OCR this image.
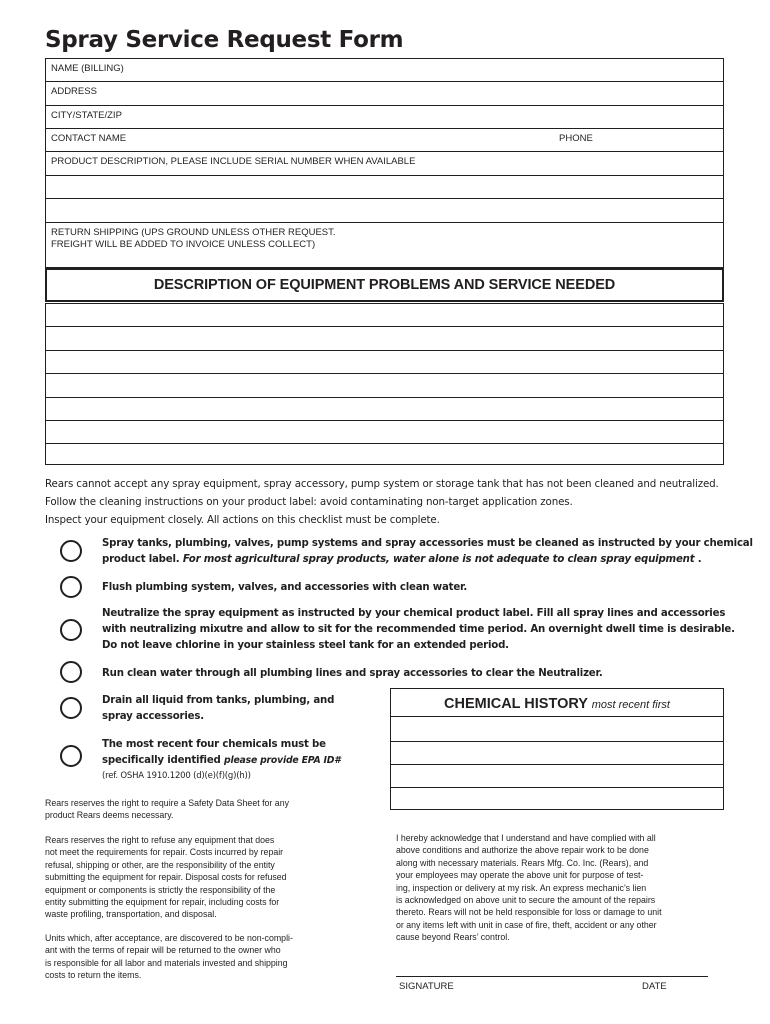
Spray Service Request Form
NAME (BILLING)
ADDRESS
CITY/STATE/ZIP
CONTACT NAME	PHONE
PRODUCT DESCRIPTION, PLEASE INCLUDE SERIAL NUMBER WHEN AVAILABLE
RETURN SHIPPING (UPS GROUND UNLESS OTHER REQUEST.
FREIGHT WILL BE ADDED TO INVOICE UNLESS COLLECT)
DESCRIPTION OF EQUIPMENT PROBLEMS AND SERVICE NEEDED
Rears cannot accept any spray equipment, spray accessory, pump system or storage tank that has not been cleaned and neutralized.
Follow the cleaning instructions on your product label: avoid contaminating non-target application zones.
Inspect your equipment closely. All actions on this checklist must be complete.
Spray tanks, plumbing, valves, pump systems and spray accessories must be cleaned as instructed by your chemical
product label. For most agricultural spray products, water alone is not adequate to clean spray equipment .
Flush plumbing system, valves, and accessories with clean water.
Neutralize the spray equipment as instructed by your chemical product label. Fill all spray lines and accessories
with neutralizing mixutre and allow to sit for the recommended time period. An overnight dwell time is desirable.
Do not leave chlorine in your stainless steel tank for an extended period.
Run clean water through all plumbing lines and spray accessories to clear the Neutralizer.
Drain all liquid from tanks, plumbing, and
spray accessories.
The most recent four chemicals must be
specifically identified please provide EPA ID#
(ref. OSHA 1910.1200 (d)(e)(f)(g)(h))
CHEMICAL HISTORY most recent first
Rears reserves the right to require a Safety Data Sheet for any
product Rears deems necessary.
Rears reserves the right to refuse any equipment that does
not meet the requirements for repair. Costs incurred by repair
refusal, shipping or other, are the responsibility of the entity
submitting the equipment for repair. Disposal costs for refused
equipment or components is strictly the responsibility of the
entity submitting the equipment for repair, including costs for
waste profiling, transportation, and disposal.
Units which, after acceptance, are discovered to be non-compli-
ant with the terms of repair will be returned to the owner who
is responsible for all labor and materials invested and shipping
costs to return the items.
I hereby acknowledge that I understand and have complied with all
above conditions and authorize the above repair work to be done
along with necessary materials. Rears Mfg. Co. Inc. (Rears), and
your employees may operate the above unit for purpose of test-
ing, inspection or delivery at my risk. An express mechanic’s lien
is acknowledged on above unit to secure the amount of the repairs
thereto. Rears will not be held responsible for loss or damage to unit
or any items left with unit in case of fire, theft, accident or any other
cause beyond Rears’ control.
SIGNATURE	DATE
